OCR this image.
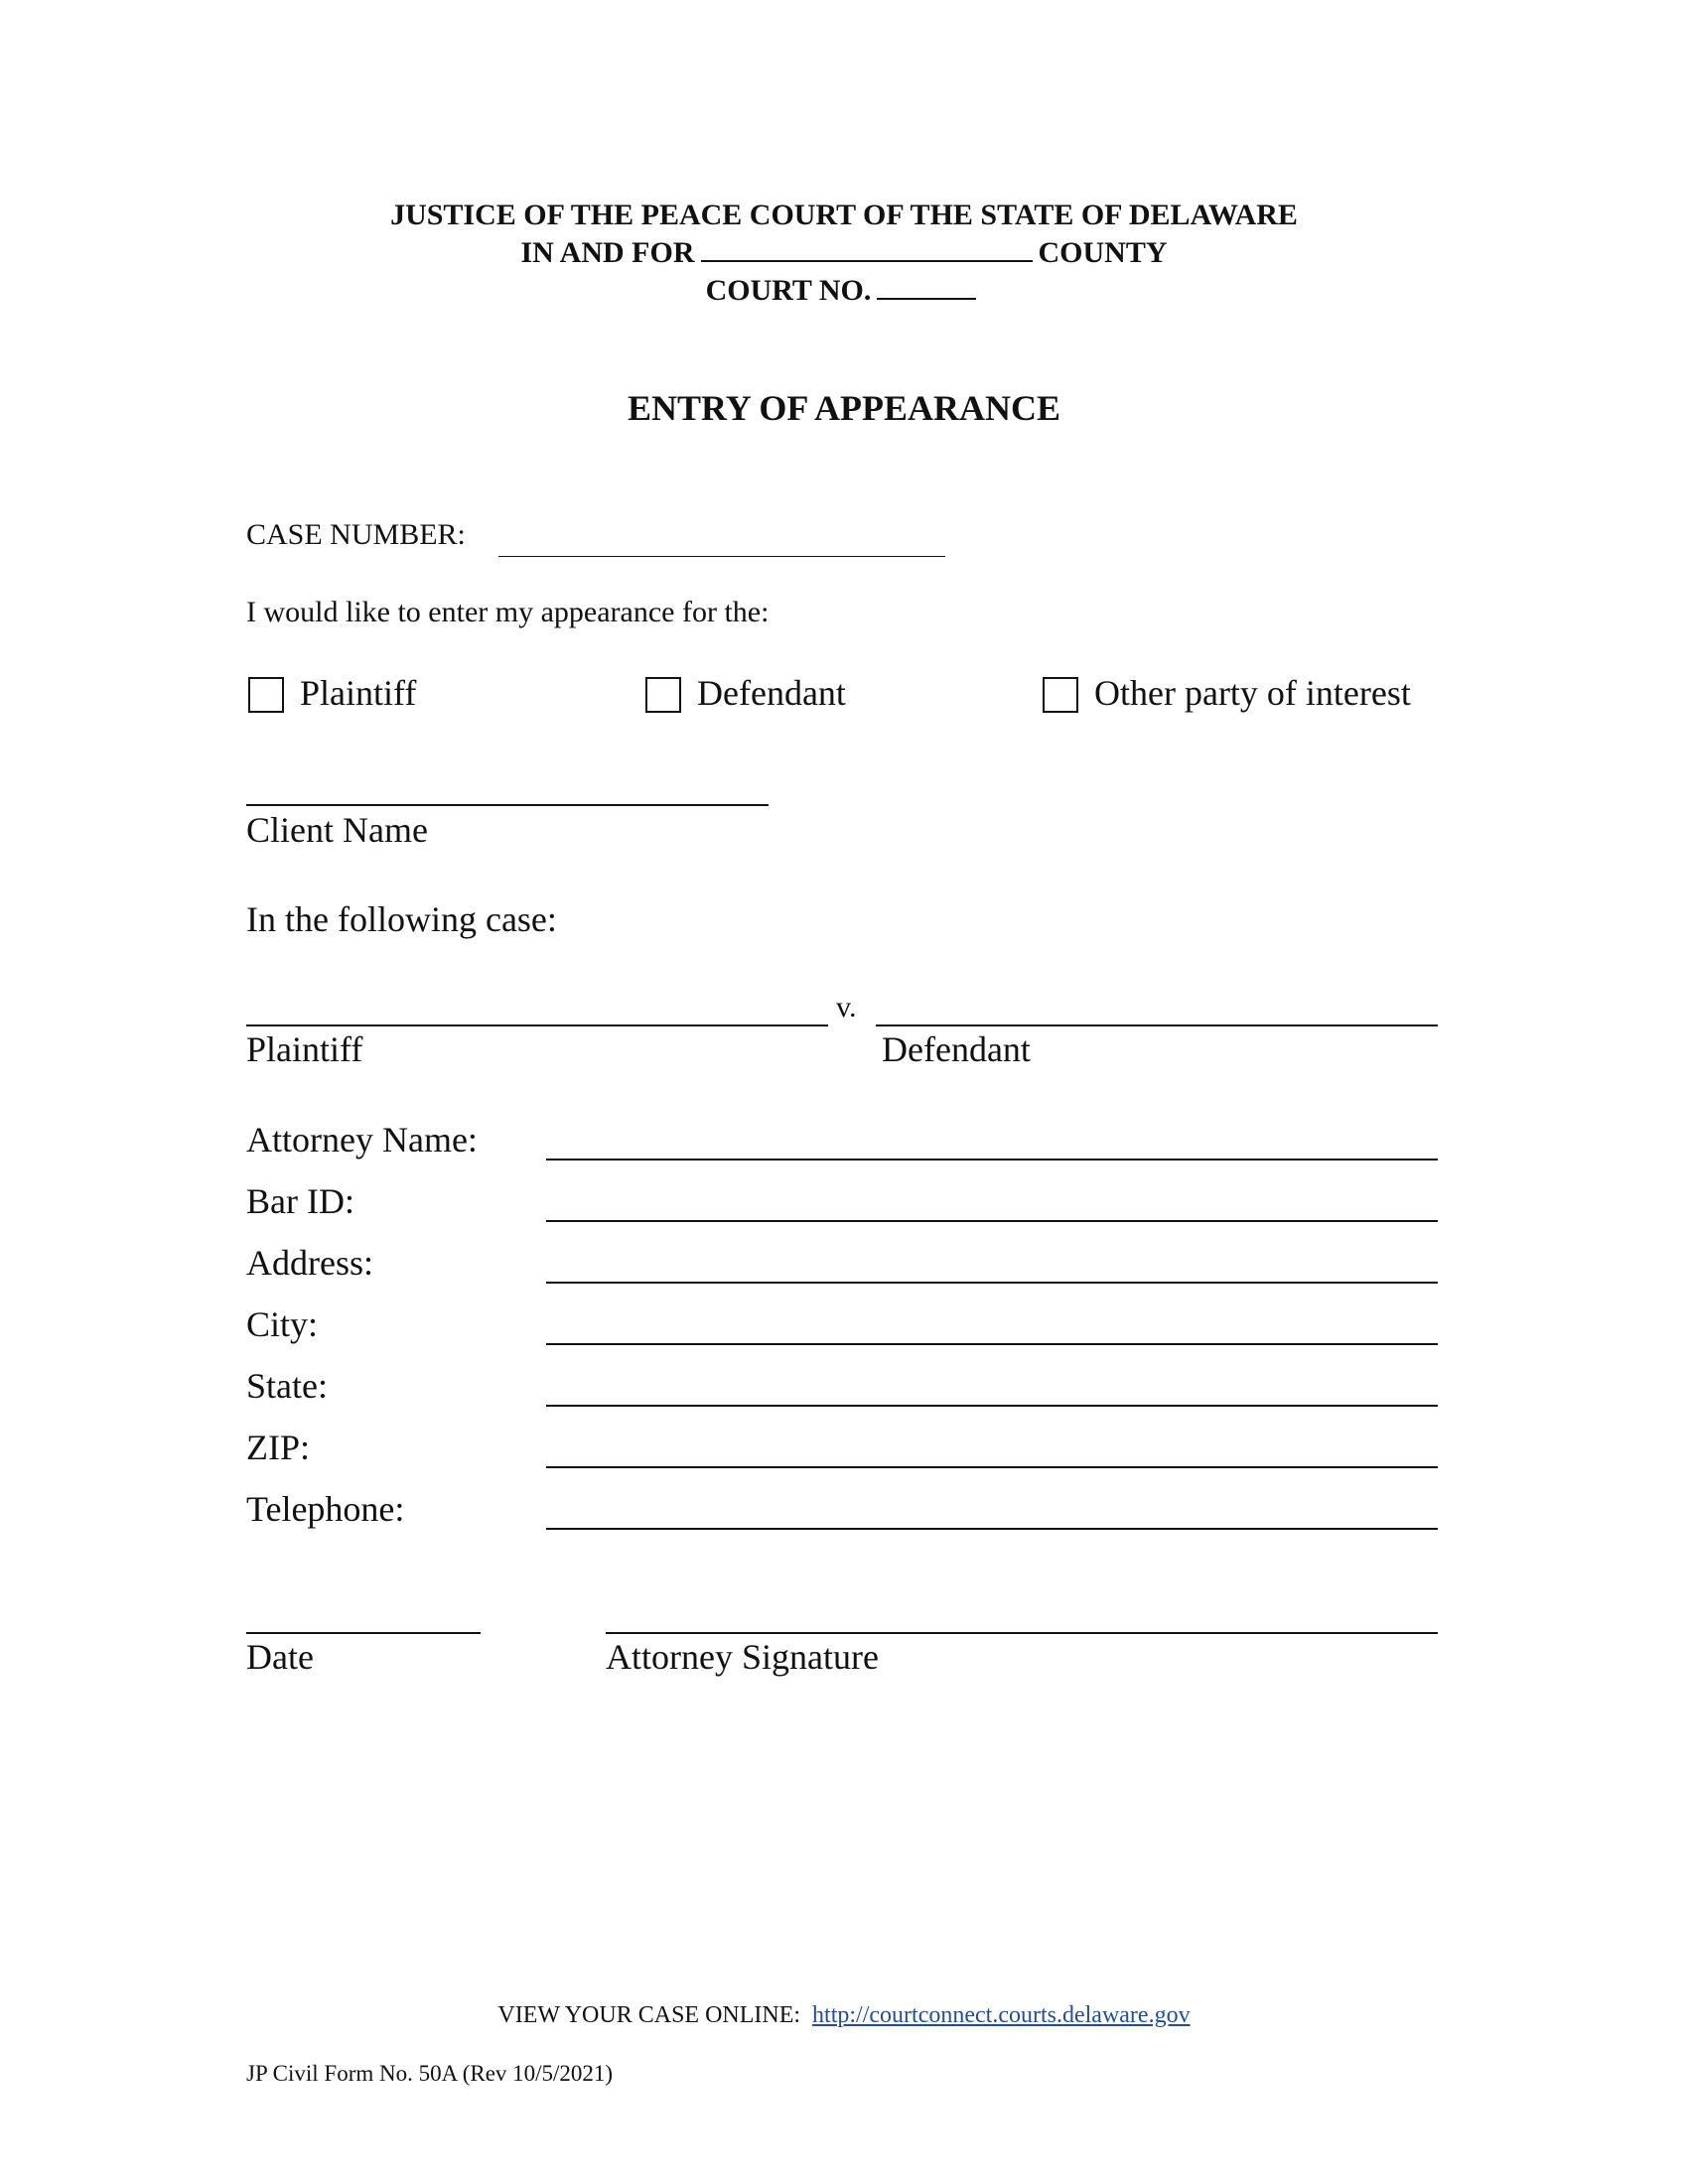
JUSTICE OF THE PEACE COURT OF THE STATE OF DELAWARE
IN AND FOR	COUNTY
COURT NO.
ENTRY OF APPEARANCE
CASE NUMBER:
I would like to enter my appearance for the:
Plaintiff	Defendant	Other party of interest
Client Name
In the following case:
v.
Plaintiff	Defendant
Attorney Name:
Bar ID:
Address:
City:
State:
ZIP:
Telephone:
Date	Attorney Signature
VIEW YOUR CASE ONLINE: http://courtconnect.courts.delaware.gov
JP Civil Form No. 50A (Rev 10/5/2021)
